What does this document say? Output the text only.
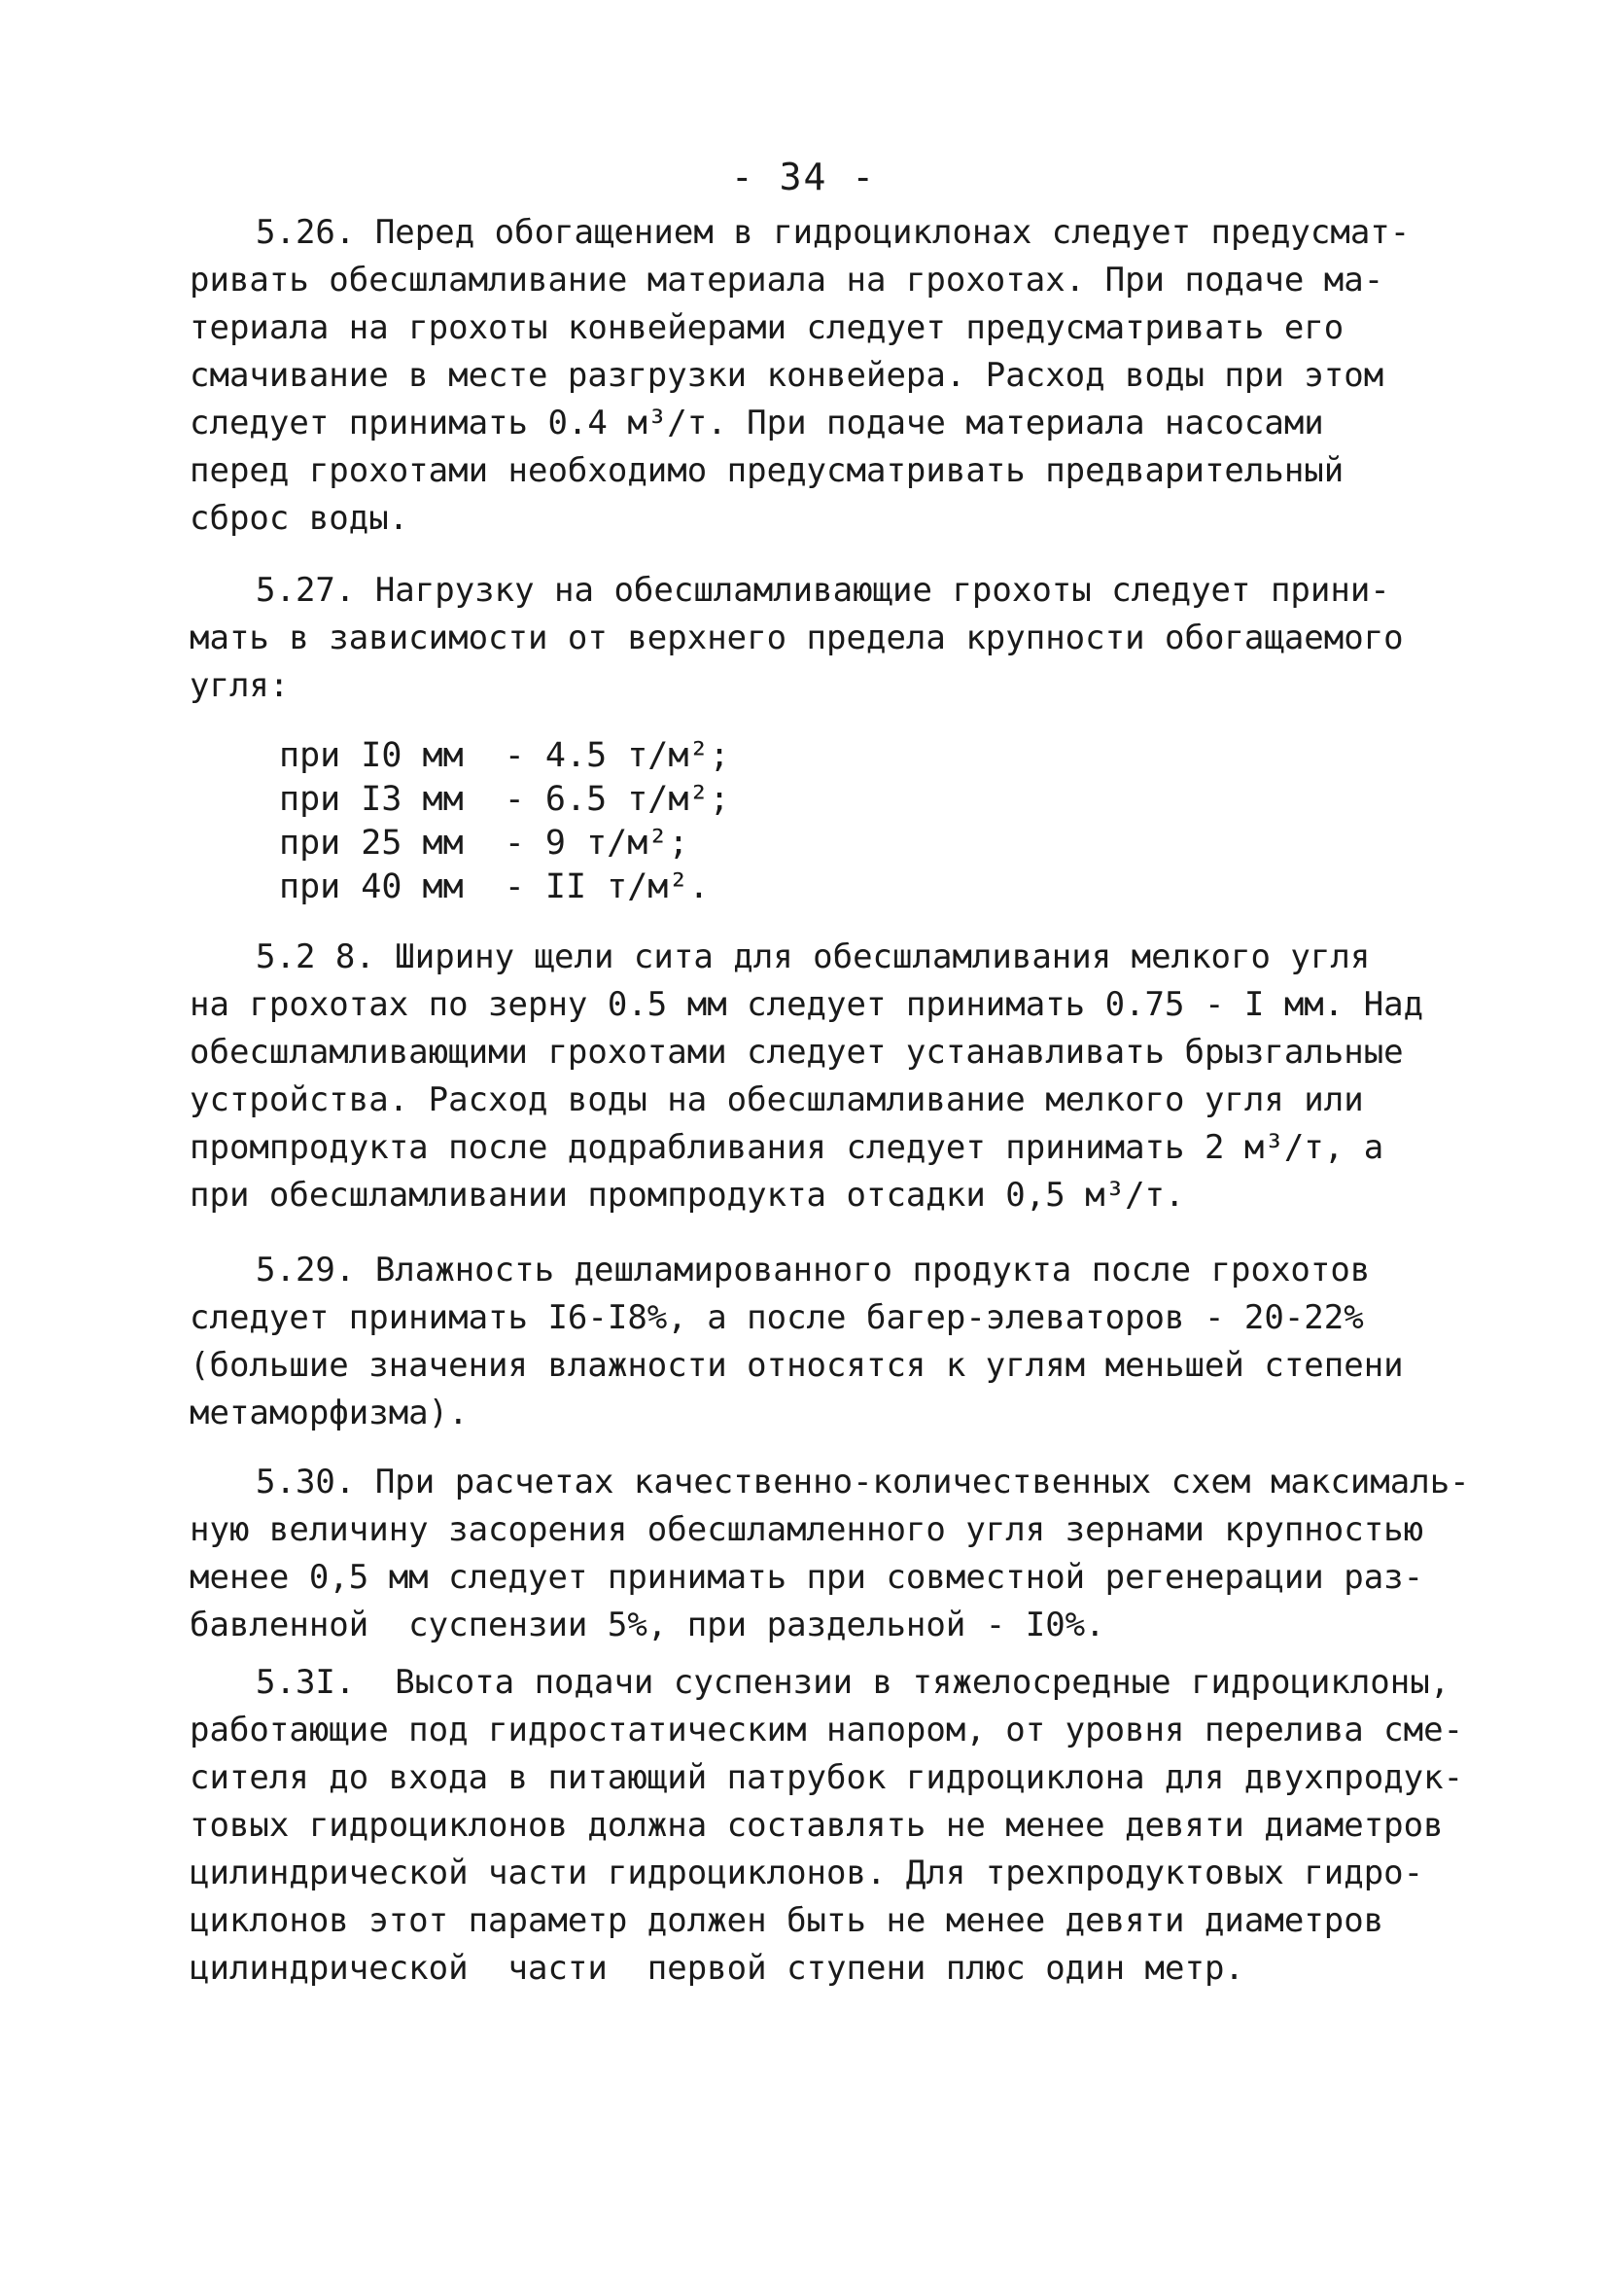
- 34 -
5.26. Перед обогащением в гидроциклонах следует предусмат-
ривать обесшламливание материала на грохотах. При подаче ма-
териала на грохоты конвейерами следует предусматривать его
смачивание в месте разгрузки конвейера. Расход воды при этом
следует принимать 0.4 м³/т. При подаче материала насосами
перед грохотами необходимо предусматривать предварительный
сброс воды.
5.27. Нагрузку на обесшламливающие грохоты следует прини-
мать в зависимости от верхнего предела крупности обогащаемого
угля:
при I0 мм  - 4.5 т/м²;
при I3 мм  - 6.5 т/м²;
при 25 мм  - 9 т/м²;
при 40 мм  - II т/м².
5.2 8. Ширину щели сита для обесшламливания мелкого угля
на грохотах по зерну 0.5 мм следует принимать 0.75 - I мм. Над
обесшламливающими грохотами следует устанавливать брызгальные
устройства. Расход воды на обесшламливание мелкого угля или
промпродукта после додрабливания следует принимать 2 м³/т, а
при обесшламливании промпродукта отсадки 0,5 м³/т.
5.29. Влажность дешламированного продукта после грохотов
следует принимать I6-I8%, а после багер-элеваторов - 20-22%
(большие значения влажности относятся к углям меньшей степени
метаморфизма).
5.30. При расчетах качественно-количественных схем максималь-
ную величину засорения обесшламленного угля зернами крупностью
менее 0,5 мм следует принимать при совместной регенерации раз-
бавленной  суспензии 5%, при раздельной - I0%.
5.3I.  Высота подачи суспензии в тяжелосредные гидроциклоны,
работающие под гидростатическим напором, от уровня перелива сме-
сителя до входа в питающий патрубок гидроциклона для двухпродук-
товых гидроциклонов должна составлять не менее девяти диаметров
цилиндрической части гидроциклонов. Для трехпродуктовых гидро-
циклонов этот параметр должен быть не менее девяти диаметров
цилиндрической  части  первой ступени плюс один метр.
